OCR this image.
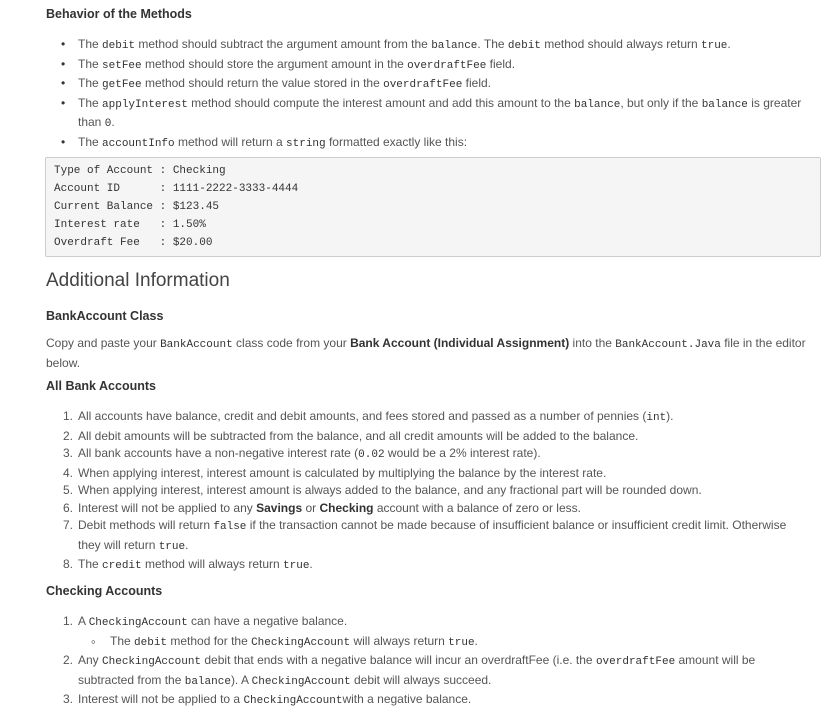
Behavior of the Methods
• The debit method should subtract the argument amount from the balance. The debit method should always return true.
• The setFee method should store the argument amount in the overdraftFee field.
• The getFee method should return the value stored in the overdraftFee field.
• The applyInterest method should compute the interest amount and add this amount to the balance, but only if the balance is greater than 0.
• The accountInfo method will return a string formatted exactly like this:
Type of Account : Checking
Account ID      : 1111-2222-3333-4444
Current Balance : $123.45
Interest rate   : 1.50%
Overdraft Fee   : $20.00
Additional Information
BankAccount Class

Copy and paste your BankAccount class code from your Bank Account (Individual Assignment) into the BankAccount.Java file in the editor below.

All Bank Accounts
1. All accounts have balance, credit and debit amounts, and fees stored and passed as a number of pennies (int).
2. All debit amounts will be subtracted from the balance, and all credit amounts will be added to the balance.
3. All bank accounts have a non-negative interest rate (0.02 would be a 2% interest rate).
4. When applying interest, interest amount is calculated by multiplying the balance by the interest rate.
5. When applying interest, interest amount is always added to the balance, and any fractional part will be rounded down.
6. Interest will not be applied to any Savings or Checking account with a balance of zero or less.
7. Debit methods will return false if the transaction cannot be made because of insufficient balance or insufficient credit limit. Otherwise they will return true.
8. The credit method will always return true.
Checking Accounts
1. A CheckingAccount can have a negative balance.
◦ The debit method for the CheckingAccount will always return true.
2. Any CheckingAccount debit that ends with a negative balance will incur an overdraftFee (i.e. the overdraftFee amount will be subtracted from the balance). A CheckingAccount debit will always succeed.
3. Interest will not be applied to a CheckingAccountwith a negative balance.
